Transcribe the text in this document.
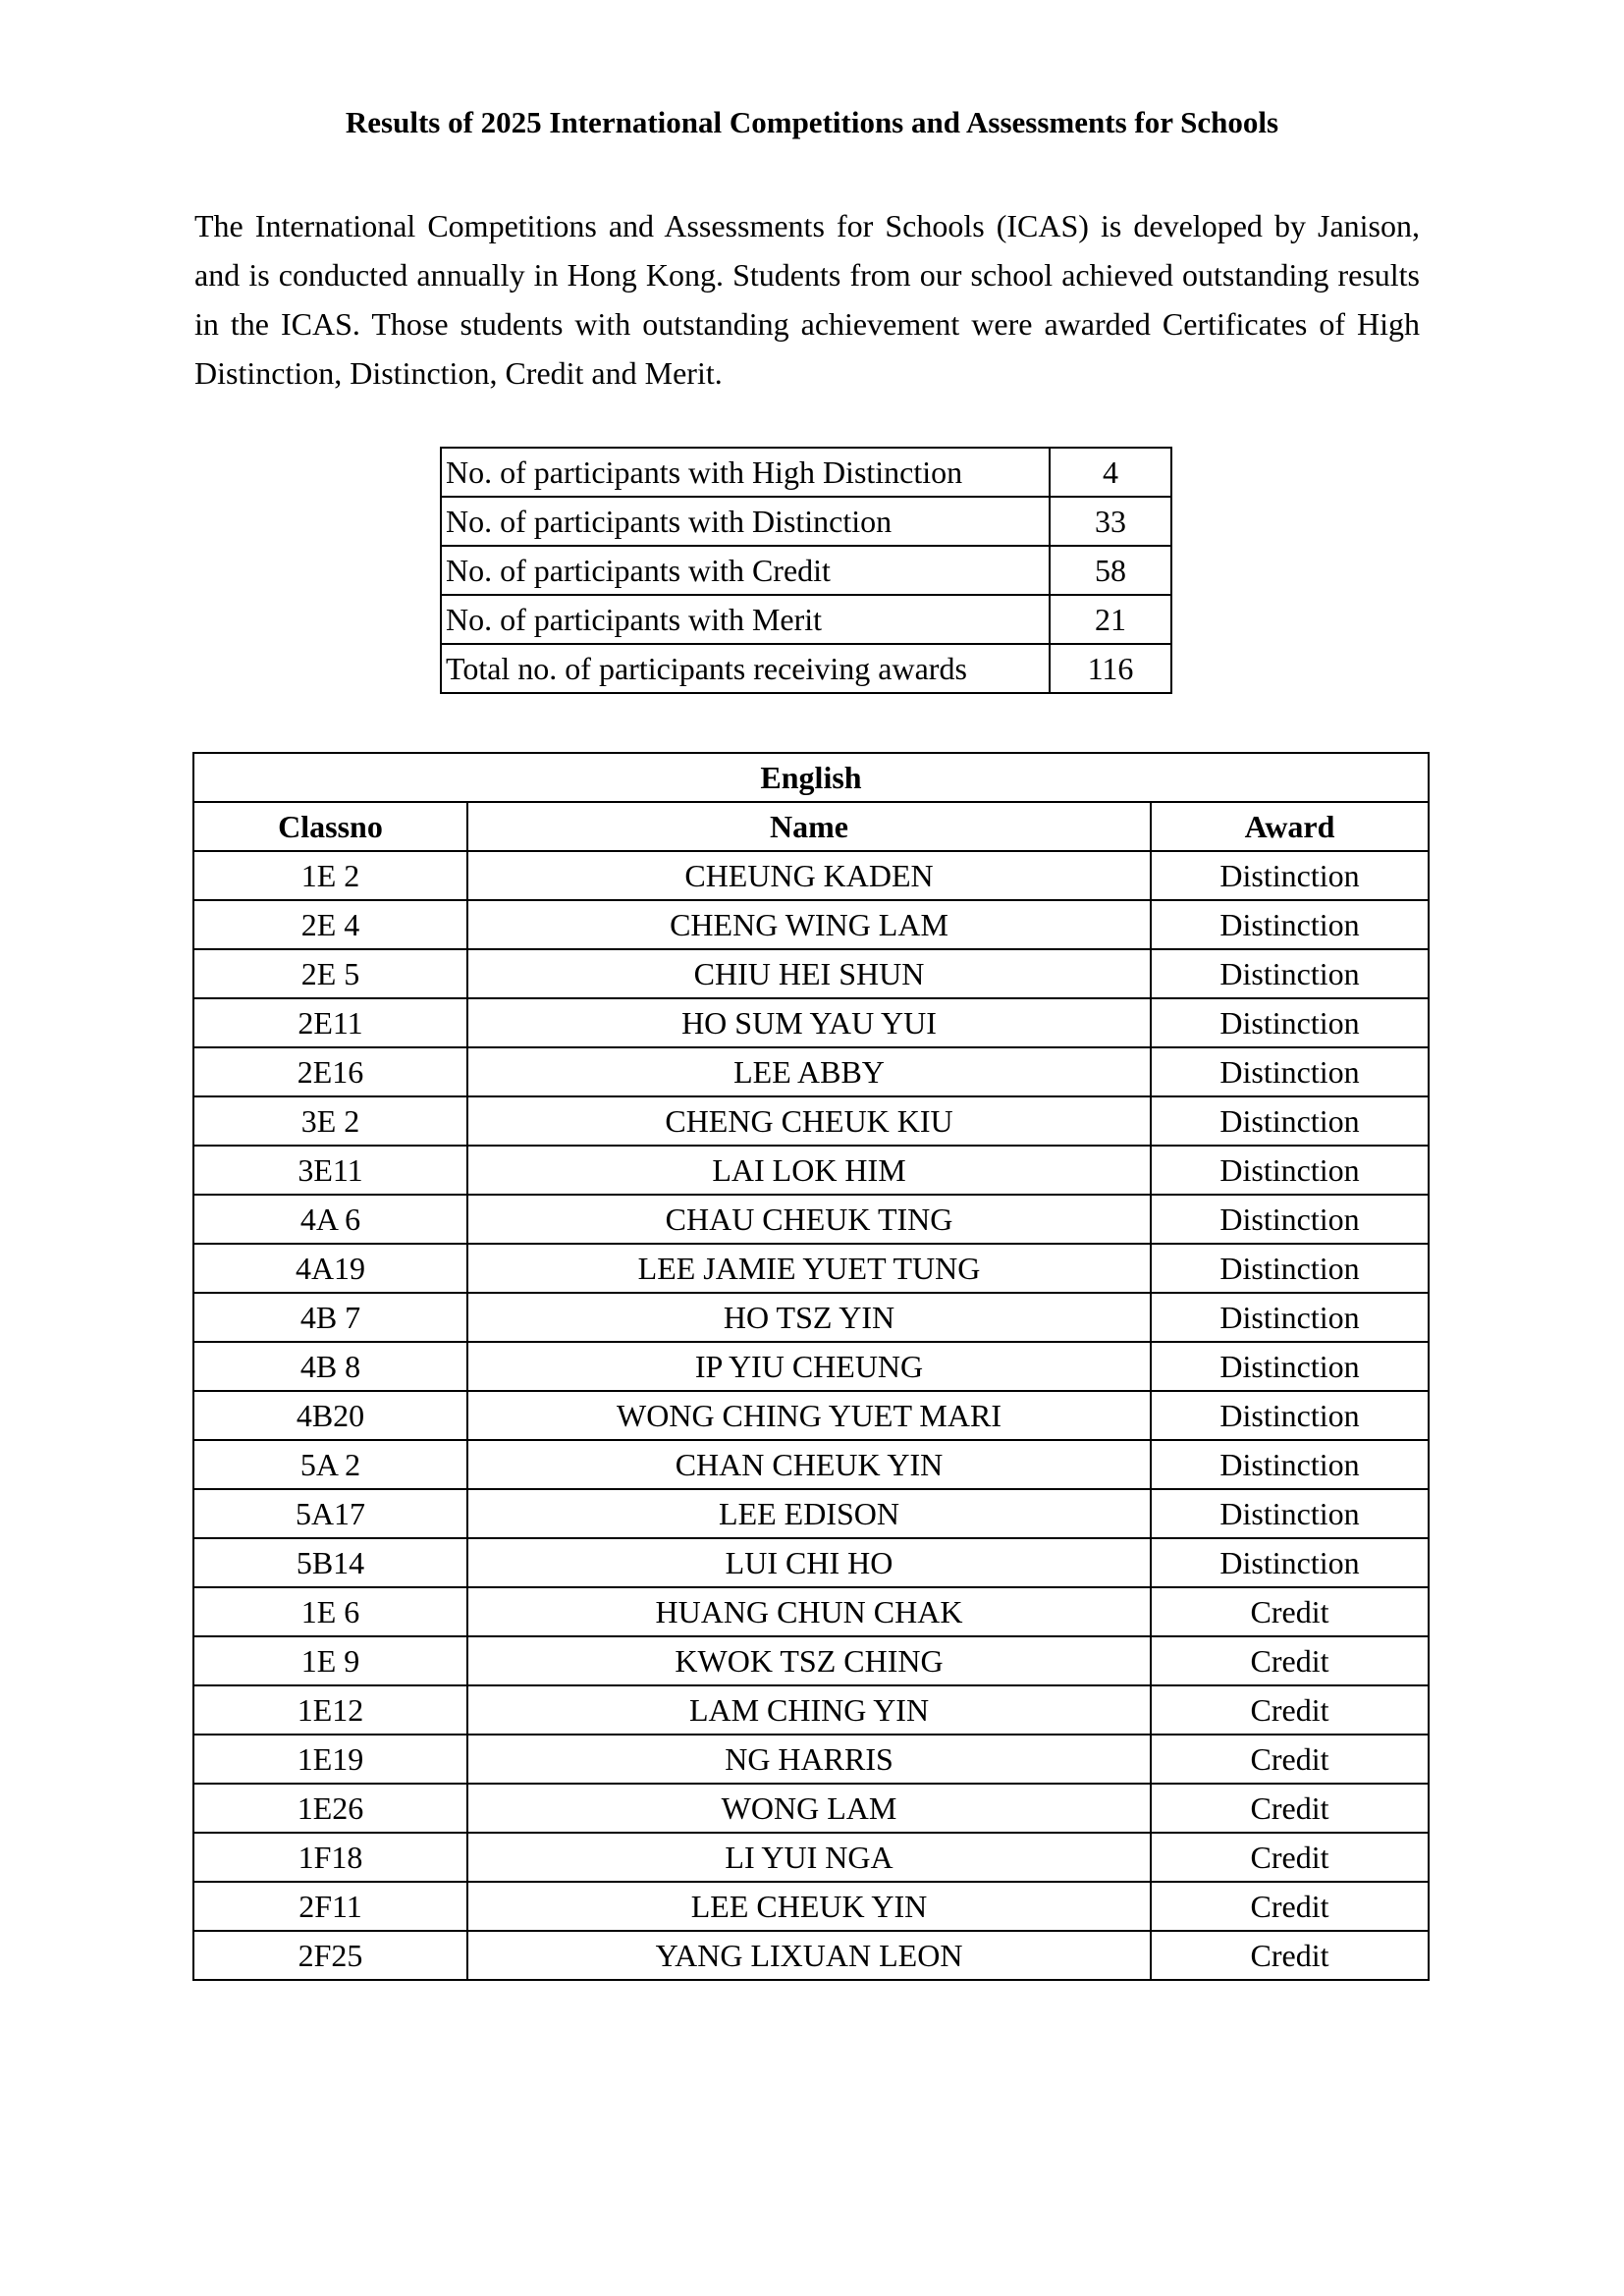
Results of 2025 International Competitions and Assessments for Schools

The International Competitions and Assessments for Schools (ICAS) is developed by Janison, and is conducted annually in Hong Kong. Students from our school achieved outstanding results in the ICAS. Those students with outstanding achievement were awarded Certificates of High Distinction, Distinction, Credit and Merit.

No. of participants with High Distinction	4
No. of participants with Distinction	33
No. of participants with Credit	58
No. of participants with Merit	21
Total no. of participants receiving awards	116
English		
Classno	Name	Award
1E 2	CHEUNG KADEN	Distinction
2E 4	CHENG WING LAM	Distinction
2E 5	CHIU HEI SHUN	Distinction
2E11	HO SUM YAU YUI	Distinction
2E16	LEE ABBY	Distinction
3E 2	CHENG CHEUK KIU	Distinction
3E11	LAI LOK HIM	Distinction
4A 6	CHAU CHEUK TING	Distinction
4A19	LEE JAMIE YUET TUNG	Distinction
4B 7	HO TSZ YIN	Distinction
4B 8	IP YIU CHEUNG	Distinction
4B20	WONG CHING YUET MARI	Distinction
5A 2	CHAN CHEUK YIN	Distinction
5A17	LEE EDISON	Distinction
5B14	LUI CHI HO	Distinction
1E 6	HUANG CHUN CHAK	Credit
1E 9	KWOK TSZ CHING	Credit
1E12	LAM CHING YIN	Credit
1E19	NG HARRIS	Credit
1E26	WONG LAM	Credit
1F18	LI YUI NGA	Credit
2F11	LEE CHEUK YIN	Credit
2F25	YANG LIXUAN LEON	Credit
